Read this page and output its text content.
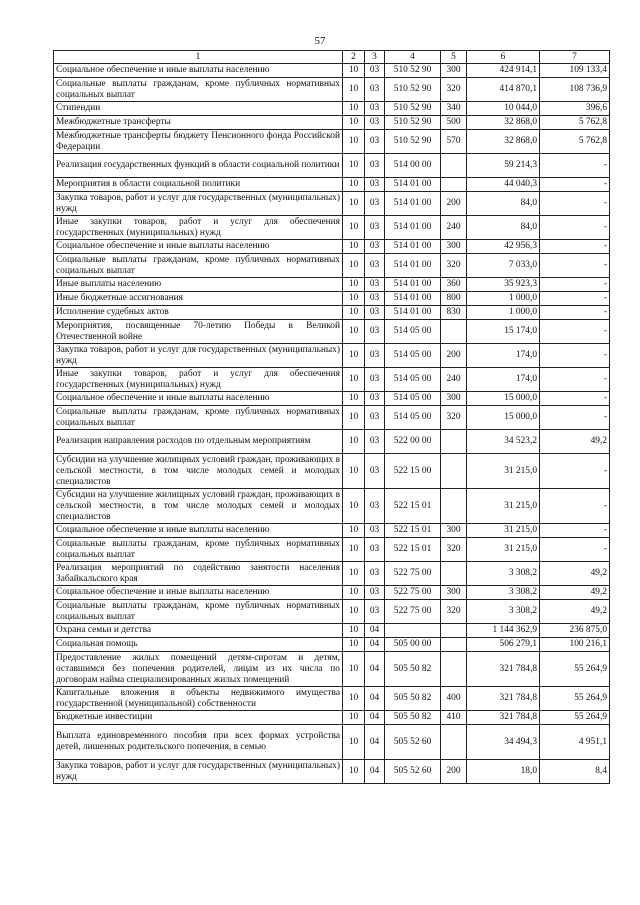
57
1	2	3	4	5	6	7
Социальное обеспечение и иные выплаты населению	10	03	510 52 90	300	424 914,1	109 133,4
Социальные выплаты гражданам, кроме публичных нормативных социальных выплат	10	03	510 52 90	320	414 870,1	108 736,9
Стипендии	10	03	510 52 90	340	10 044,0	396,6
Межбюджетные трансферты	10	03	510 52 90	500	32 868,0	5 762,8
Межбюджетные трансферты бюджету Пенсионного фонда Российской Федерации	10	03	510 52 90	570	32 868,0	5 762,8
Реализация государственных функций в области социальной политики	10	03	514 00 00		59 214,3	-
Мероприятия в области социальной политики	10	03	514 01 00		44 040,3	-
Закупка товаров, работ и услуг для государственных (муниципальных) нужд	10	03	514 01 00	200	84,0	-
Иные закупки товаров, работ и услуг для обеспечения государственных (муниципальных) нужд	10	03	514 01 00	240	84,0	-
Социальное обеспечение и иные выплаты населению	10	03	514 01 00	300	42 956,3	-
Социальные выплаты гражданам, кроме публичных нормативных социальных выплат	10	03	514 01 00	320	7 033,0	-
Иные выплаты населению	10	03	514 01 00	360	35 923,3	-
Иные бюджетные ассигнования	10	03	514 01 00	800	1 000,0	-
Исполнение судебных актов	10	03	514 01 00	830	1 000,0	-
Мероприятия, посвященные 70-летию Победы в Великой Отечественной войне	10	03	514 05 00		15 174,0	-
Закупка товаров, работ и услуг для государственных (муниципальных) нужд	10	03	514 05 00	200	174,0	-
Иные закупки товаров, работ и услуг для обеспечения государственных (муниципальных) нужд	10	03	514 05 00	240	174,0	-
Социальное обеспечение и иные выплаты населению	10	03	514 05 00	300	15 000,0	-
Социальные выплаты гражданам, кроме публичных нормативных социальных выплат	10	03	514 05 00	320	15 000,0	-
Реализация направления расходов по отдельным мероприятиям	10	03	522 00 00		34 523,2	49,2
Субсидии на улучшение жилищных условий граждан, проживающих в сельской местности, в том числе молодых семей и молодых специалистов	10	03	522 15 00		31 215,0	-
Субсидии на улучшение жилищных условий граждан, проживающих в сельской местности, в том числе молодых семей и молодых специалистов	10	03	522 15 01		31 215,0	-
Социальное обеспечение и иные выплаты населению	10	03	522 15 01	300	31 215,0	-
Социальные выплаты гражданам, кроме публичных нормативных социальных выплат	10	03	522 15 01	320	31 215,0	-
Реализация мероприятий по содействию занятости населения Забайкальского края	10	03	522 75 00		3 308,2	49,2
Социальное обеспечение и иные выплаты населению	10	03	522 75 00	300	3 308,2	49,2
Социальные выплаты гражданам, кроме публичных нормативных социальных выплат	10	03	522 75 00	320	3 308,2	49,2
Охрана семьи и детства	10	04			1 144 362,9	236 875,0
Социальная помощь	10	04	505 00 00		506 279,1	100 216,1
Предоставление жилых помещений детям-сиротам и детям, оставшимся без попечения родителей, лицам из их числа по договорам найма специализированных жилых помещений	10	04	505 50 82		321 784,8	55 264,9
Капитальные вложения в объекты недвижимого имущества государственной (муниципальной) собственности	10	04	505 50 82	400	321 784,8	55 264,9
Бюджетные инвестиции	10	04	505 50 82	410	321 784,8	55 264,9
Выплата единовременного пособия при всех формах устройства детей, лишенных родительского попечения, в семью	10	04	505 52 60		34 494,3	4 951,1
Закупка товаров, работ и услуг для государственных (муниципальных) нужд	10	04	505 52 60	200	18,0	8,4
